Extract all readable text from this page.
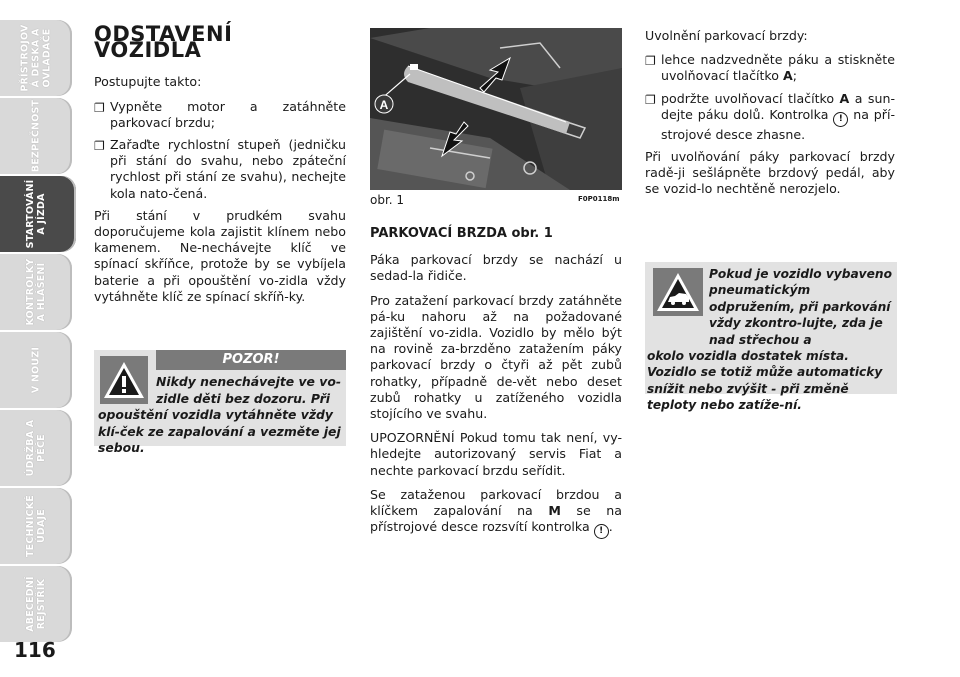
PŘÍSTROJOV Á DESKA A OVLADAČE
BEZPEČNOST
STARTOVÁNÍ A JÍZDA
KONTROLKY A HLÁŠENÍ
V NOUZI
ÚDRŽBA A PÉČE
TECHNICKÉ ÚDAJE
ABECEDNÍ REJSTŘÍK
116
ODSTAVENÍ VOZIDLA

Postupujte takto:

❐ Vypněte motor a zatáhněte parkovací brzdu;
❐ Zařaďte rychlostní stupeň (jedničku při stání do svahu, nebo zpáteční rychlost při stání ze svahu), nechejte kola nato-čená.

Při stání v prudkém svahu doporučujeme kola zajistit klínem nebo kamenem. Ne-nechávejte klíč ve spínací skříňce, protože by se vybíjela baterie a při opouštění vo-zidla vždy vytáhněte klíč ze spínací skříň-ky.

POZOR!
Nikdy nenechávejte ve vo-zidle děti bez dozoru. Při
opouštění vozidla vytáhněte vždy klí-ček ze zapalování a vezměte jej sebou.
A
obr. 1	F0P0118m
PARKOVACÍ BRZDA obr. 1

Páka parkovací brzdy se nachází u sedad-la řidiče.

Pro zatažení parkovací brzdy zatáhněte pá-ku nahoru až na požadované zajištění vo-zidla. Vozidlo by mělo být na rovině za-brzděno zatažením páky parkovací brzdy o čtyři až pět zubů rohatky, případně de-vět nebo deset zubů rohatky u zatíženého vozidla stojícího ve svahu.

UPOZORNĚNÍ Pokud tomu tak není, vy-hledejte autorizovaný servis Fiat a nechte parkovací brzdu seřídit.

Se zataženou parkovací brzdou a klíčkem zapalování na M se na přístrojové desce rozsvítí kontrolka ! .

Uvolnění parkovací brzdy:

❐ lehce nadzvedněte páku a stiskněte uvolňovací tlačítko A;
❐ podržte uvolňovací tlačítko A a sun-dejte páku dolů. Kontrolka ! na pří-strojové desce zhasne.

Při uvolňování páky parkovací brzdy radě-ji sešlápněte brzdový pedál, aby se vozid-lo nechtěně nerozjelo.

Pokud je vozidlo vybaveno pneumatickým odpružením, při parkování vždy zkontro-lujte, zda je nad střechou a
okolo vozidla dostatek místa. Vozidlo se totiž může automaticky snížit nebo zvýšit - při změně teploty nebo zatíže-ní.
